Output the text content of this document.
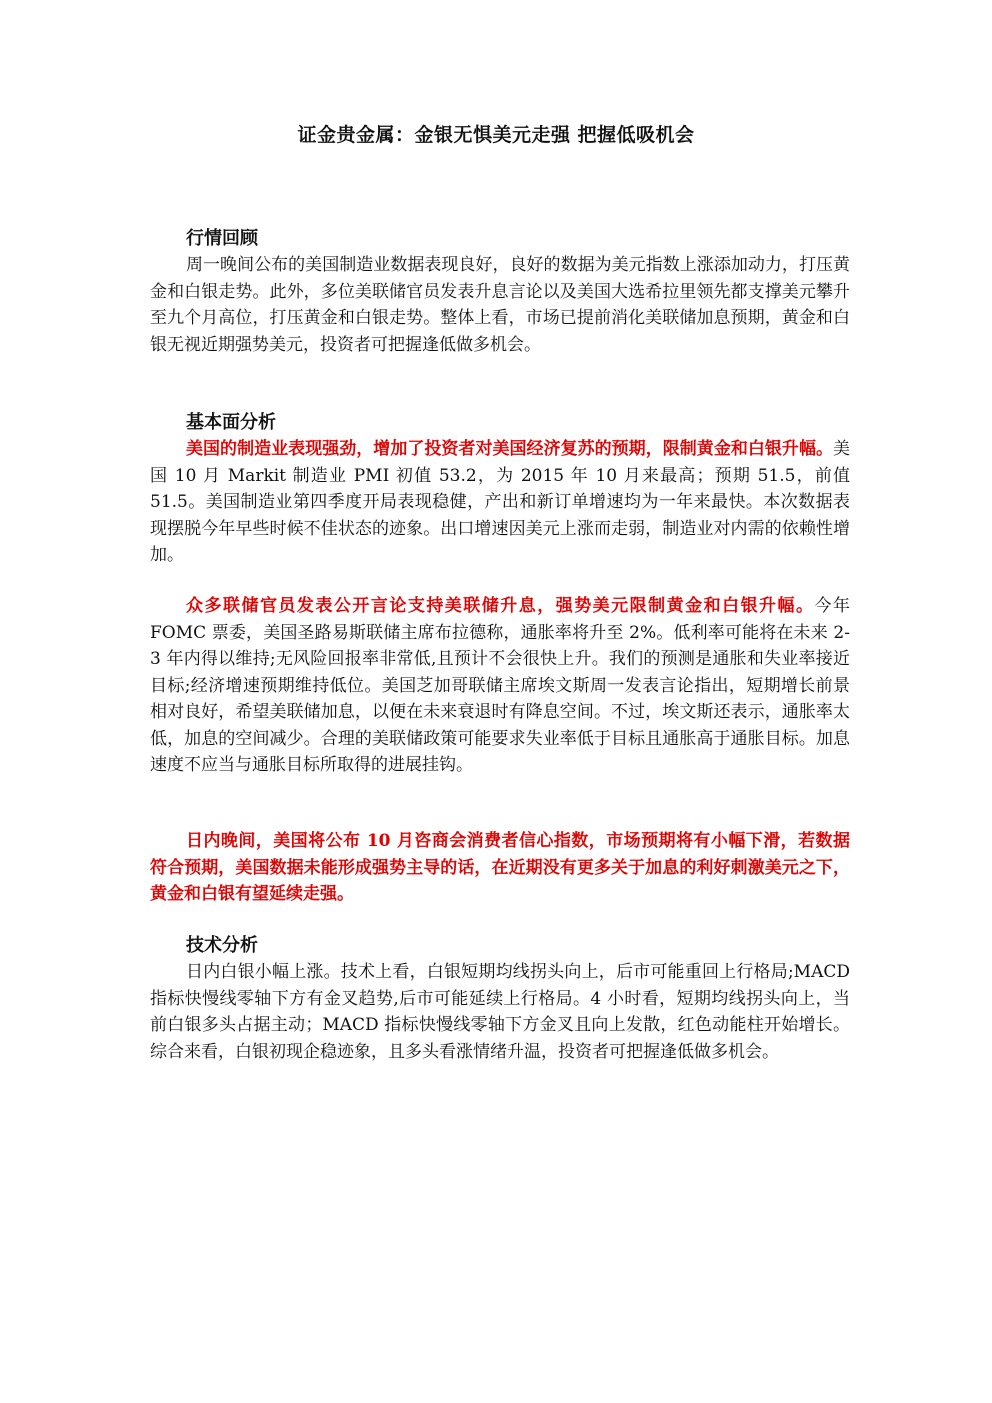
证金贵金属：金银无惧美元走强 把握低吸机会
行情回顾

周一晚间公布的美国制造业数据表现良好，良好的数据为美元指数上涨添加动力，打压黄金和白银走势。此外，多位美联储官员发表升息言论以及美国大选希拉里领先都支撑美元攀升至九个月高位，打压黄金和白银走势。整体上看，市场已提前消化美联储加息预期，黄金和白银无视近期强势美元，投资者可把握逢低做多机会。

基本面分析

美国的制造业表现强劲，增加了投资者对美国经济复苏的预期，限制黄金和白银升幅。美国 10 月 Markit 制造业 PMI 初值 53.2，为 2015 年 10 月来最高；预期 51.5，前值 51.5。美国制造业第四季度开局表现稳健，产出和新订单增速均为一年来最快。本次数据表现摆脱今年早些时候不佳状态的迹象。出口增速因美元上涨而走弱，制造业对内需的依赖性增加。

众多联储官员发表公开言论支持美联储升息，强势美元限制黄金和白银升幅。今年 FOMC 票委，美国圣路易斯联储主席布拉德称，通胀率将升至 2%。低利率可能将在未来 2-3 年内得以维持;无风险回报率非常低,且预计不会很快上升。我们的预测是通胀和失业率接近目标;经济增速预期维持低位。美国芝加哥联储主席埃文斯周一发表言论指出，短期增长前景相对良好，希望美联储加息，以便在未来衰退时有降息空间。不过，埃文斯还表示，通胀率太低，加息的空间减少。合理的美联储政策可能要求失业率低于目标且通胀高于通胀目标。加息速度不应当与通胀目标所取得的进展挂钩。

日内晚间，美国将公布 10 月咨商会消费者信心指数，市场预期将有小幅下滑，若数据符合预期，美国数据未能形成强势主导的话，在近期没有更多关于加息的利好刺激美元之下，黄金和白银有望延续走强。

技术分析

日内白银小幅上涨。技术上看，白银短期均线拐头向上，后市可能重回上行格局;MACD 指标快慢线零轴下方有金叉趋势,后市可能延续上行格局。4 小时看，短期均线拐头向上，当前白银多头占据主动；MACD 指标快慢线零轴下方金叉且向上发散，红色动能柱开始增长。综合来看，白银初现企稳迹象，且多头看涨情绪升温，投资者可把握逢低做多机会。
